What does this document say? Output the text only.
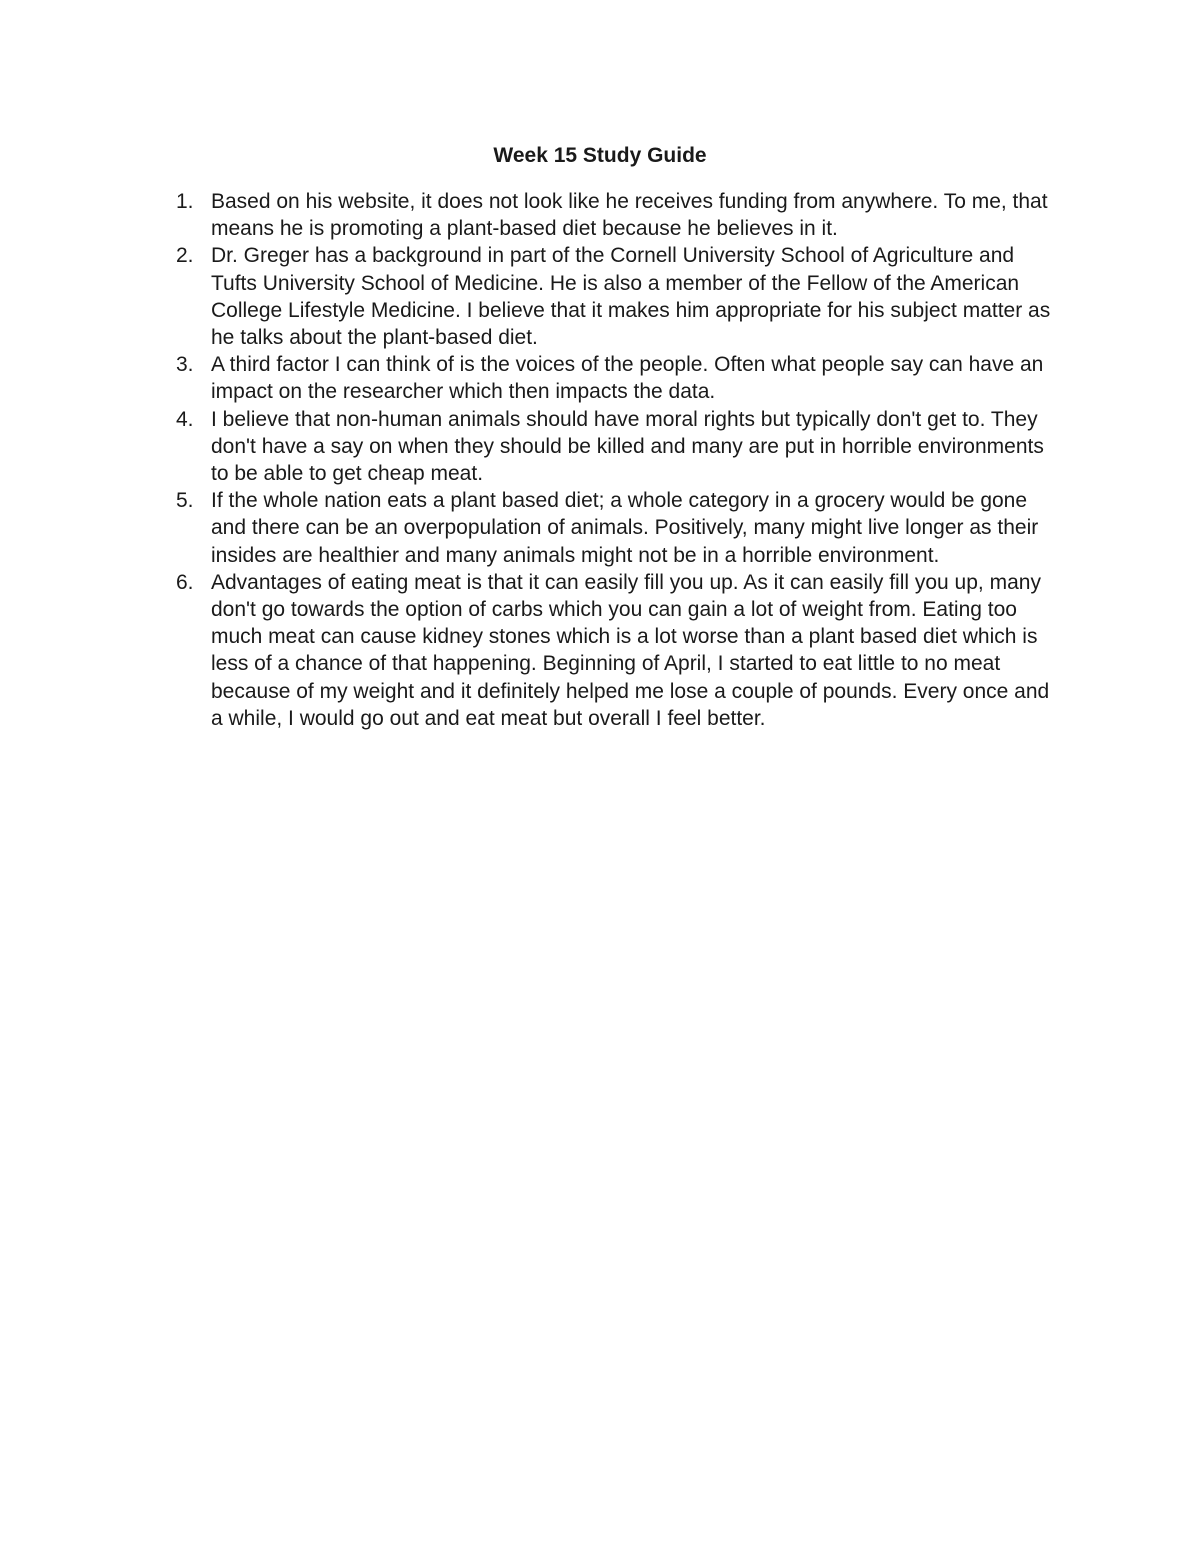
Week 15 Study Guide
1. Based on his website, it does not look like he receives funding from anywhere. To me, that means he is promoting a plant-based diet because he believes in it.
2. Dr. Greger has a background in part of the Cornell University School of Agriculture and Tufts University School of Medicine. He is also a member of the Fellow of the American College Lifestyle Medicine. I believe that it makes him appropriate for his subject matter as he talks about the plant-based diet.
3. A third factor I can think of is the voices of the people. Often what people say can have an impact on the researcher which then impacts the data.
4. I believe that non-human animals should have moral rights but typically don't get to. They don't have a say on when they should be killed and many are put in horrible environments to be able to get cheap meat.
5. If the whole nation eats a plant based diet; a whole category in a grocery would be gone and there can be an overpopulation of animals. Positively, many might live longer as their insides are healthier and many animals might not be in a horrible environment.
6. Advantages of eating meat is that it can easily fill you up. As it can easily fill you up, many don't go towards the option of carbs which you can gain a lot of weight from. Eating too much meat can cause kidney stones which is a lot worse than a plant based diet which is less of a chance of that happening. Beginning of April, I started to eat little to no meat because of my weight and it definitely helped me lose a couple of pounds. Every once and a while, I would go out and eat meat but overall I feel better.
